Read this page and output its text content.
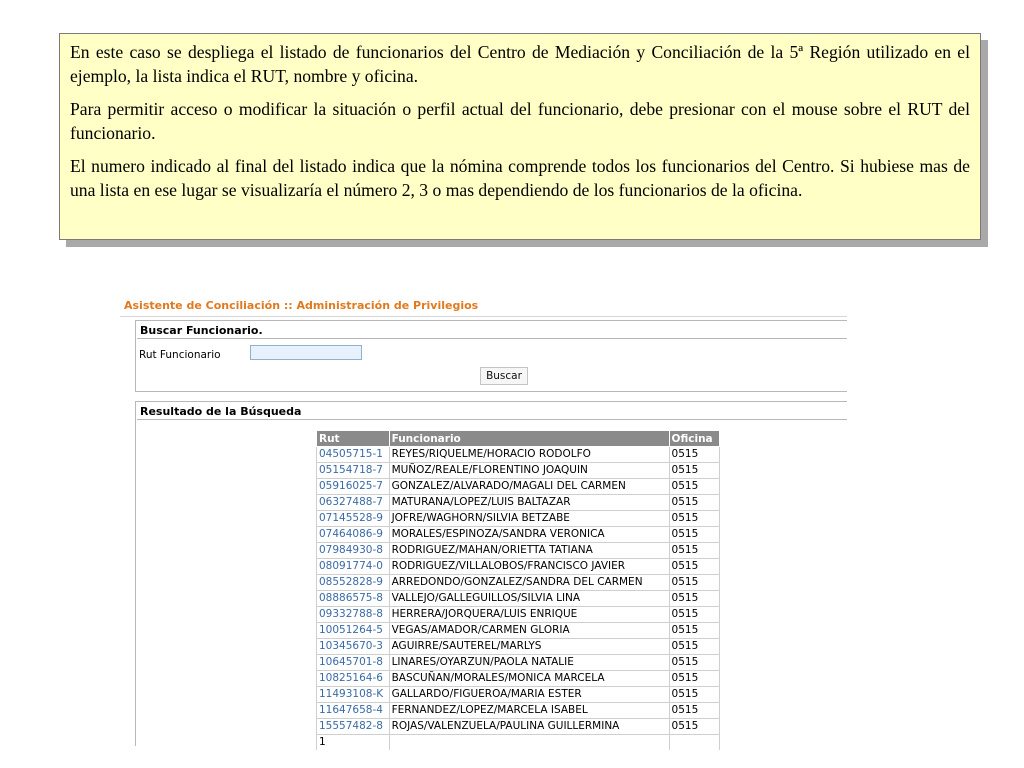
En este caso se despliega el listado de funcionarios del Centro de Mediación y Conciliación de la 5ª Región utilizado en el ejemplo, la lista indica el RUT, nombre y oficina.

Para permitir acceso o modificar la situación o perfil actual del funcionario, debe presionar con el mouse sobre el RUT del funcionario.

El numero indicado al final del listado indica que la nómina comprende todos los funcionarios del Centro. Si hubiese mas de una lista en ese lugar se visualizaría el número 2, 3 o mas dependiendo de los funcionarios de la oficina.

Asistente de Conciliación :: Administración de Privilegios
Buscar Funcionario.
Rut Funcionario
Buscar
Resultado de la Búsqueda
Rut	Funcionario	Oficina
04505715-1	REYES/RIQUELME/HORACIO RODOLFO	0515
05154718-7	MUÑOZ/REALE/FLORENTINO JOAQUIN	0515
05916025-7	GONZALEZ/ALVARADO/MAGALI DEL CARMEN	0515
06327488-7	MATURANA/LOPEZ/LUIS BALTAZAR	0515
07145528-9	JOFRE/WAGHORN/SILVIA BETZABE	0515
07464086-9	MORALES/ESPINOZA/SANDRA VERONICA	0515
07984930-8	RODRIGUEZ/MAHAN/ORIETTA TATIANA	0515
08091774-0	RODRIGUEZ/VILLALOBOS/FRANCISCO JAVIER	0515
08552828-9	ARREDONDO/GONZALEZ/SANDRA DEL CARMEN	0515
08886575-8	VALLEJO/GALLEGUILLOS/SILVIA LINA	0515
09332788-8	HERRERA/JORQUERA/LUIS ENRIQUE	0515
10051264-5	VEGAS/AMADOR/CARMEN GLORIA	0515
10345670-3	AGUIRRE/SAUTEREL/MARLYS	0515
10645701-8	LINARES/OYARZUN/PAOLA NATALIE	0515
10825164-6	BASCUÑAN/MORALES/MONICA MARCELA	0515
11493108-K	GALLARDO/FIGUEROA/MARIA ESTER	0515
11647658-4	FERNANDEZ/LOPEZ/MARCELA ISABEL	0515
15557482-8	ROJAS/VALENZUELA/PAULINA GUILLERMINA	0515
1		
